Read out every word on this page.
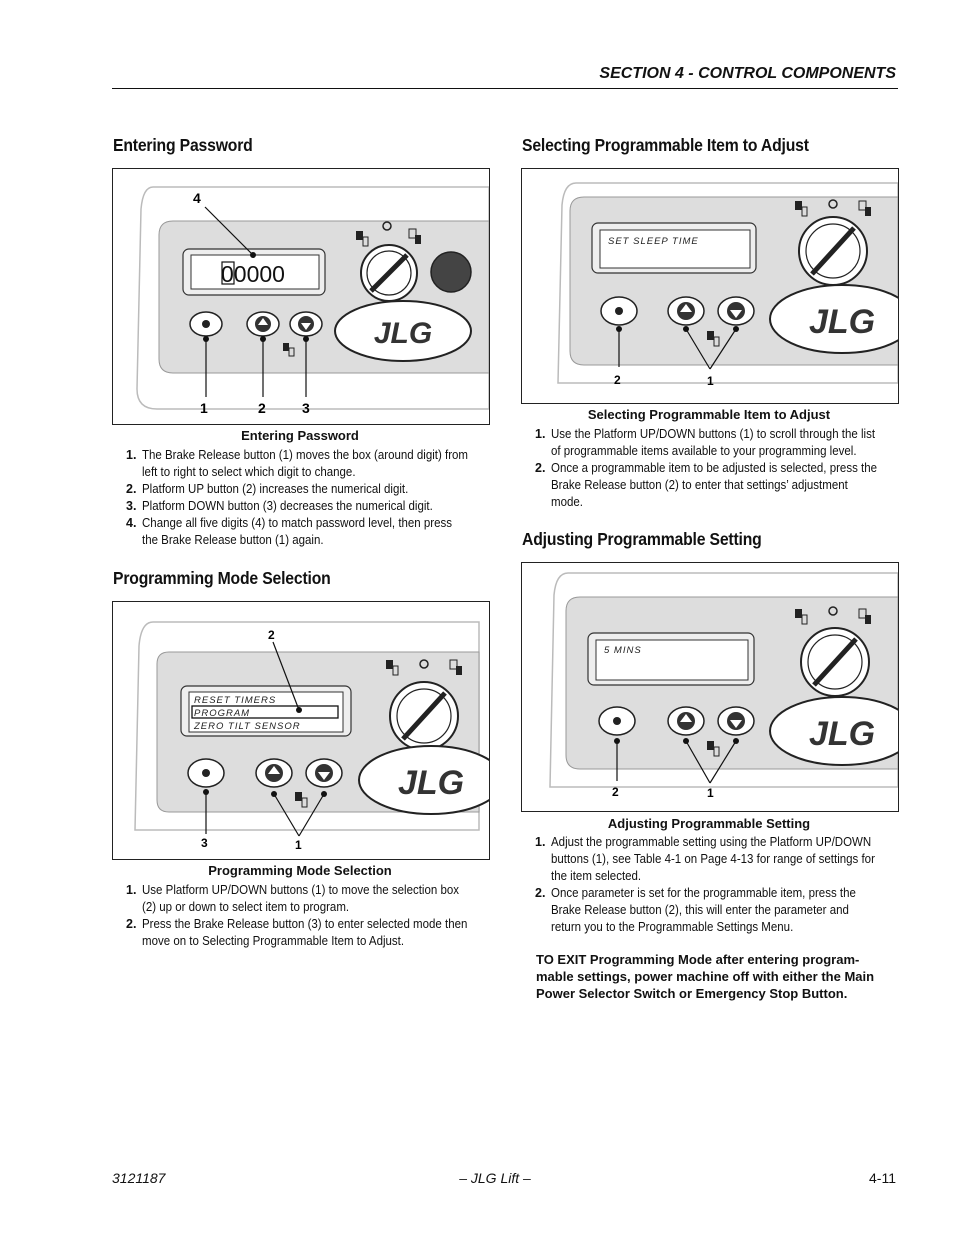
SECTION 4 - CONTROL COMPONENTS
Entering Password
00000
JLG
1	2	3
4
Entering Password
1. The Brake Release button (1) moves the box (around digit) from
left to right to select which digit to change.
2. Platform UP button (2) increases the numerical digit.
3. Platform DOWN button (3) decreases the numerical digit.
4. Change all five digits (4) to match password level, then press
the Brake Release button (1) again.
Programming Mode Selection
RESET TIMERS
PROGRAM
ZERO TILT SENSOR
JLG
2
3	1
Programming Mode Selection
1. Use Platform UP/DOWN buttons (1) to move the selection box
(2) up or down to select item to program.
2. Press the Brake Release button (3) to enter selected mode then
move on to Selecting Programmable Item to Adjust.
Selecting Programmable Item to Adjust
SET SLEEP TIME
JLG
2	1
Selecting Programmable Item to Adjust
1. Use the Platform UP/DOWN buttons (1) to scroll through the list
of programmable items available to your programming level.
2. Once a programmable item to be adjusted is selected, press the
Brake Release button (2) to enter that settings’ adjustment
mode.
Adjusting Programmable Setting
5 MINS
JLG
2	1
Adjusting Programmable Setting
1. Adjust the programmable setting using the Platform UP/DOWN
buttons (1), see Table 4-1 on Page 4-13 for range of settings for
the item selected.
2. Once parameter is set for the programmable item, press the
Brake Release button (2), this will enter the parameter and
return you to the Programmable Settings Menu.
TO EXIT Programming Mode after entering program-
mable settings, power machine off with either the Main
Power Selector Switch or Emergency Stop Button.
3121187	– JLG Lift –	4-11
